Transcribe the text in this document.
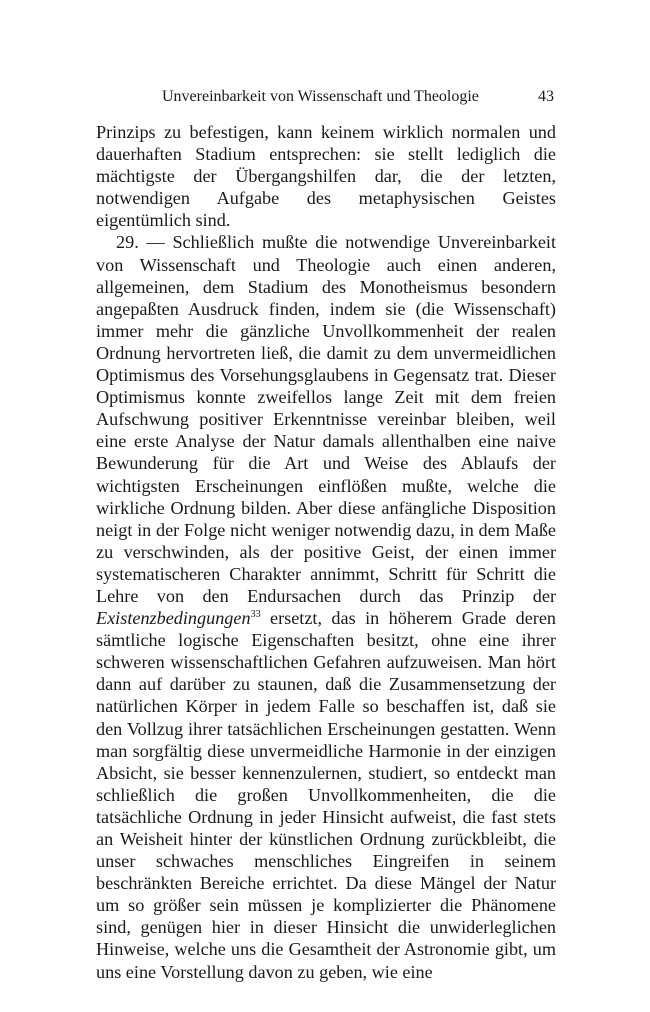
Unvereinbarkeit von Wissenschaft und Theologie	43

Prinzips zu befestigen, kann keinem wirklich normalen und dauerhaften Stadium entsprechen: sie stellt lediglich die mächtigste der Übergangshilfen dar, die der letzten, notwendigen Aufgabe des metaphysischen Geistes eigentümlich sind.

29. — Schließlich mußte die notwendige Unvereinbarkeit von Wissenschaft und Theologie auch einen anderen, allgemeinen, dem Stadium des Monotheismus besondern angepaßten Ausdruck finden, indem sie (die Wissenschaft) immer mehr die gänzliche Unvollkommenheit der realen Ordnung hervortreten ließ, die damit zu dem unvermeidlichen Optimismus des Vorsehungsglaubens in Gegensatz trat. Dieser Optimismus konnte zweifellos lange Zeit mit dem freien Aufschwung positiver Erkenntnisse vereinbar bleiben, weil eine erste Analyse der Natur damals allenthalben eine naive Bewunderung für die Art und Weise des Ablaufs der wichtigsten Erscheinungen einflößen mußte, welche die wirkliche Ordnung bilden. Aber diese anfängliche Disposition neigt in der Folge nicht weniger notwendig dazu, in dem Maße zu verschwinden, als der positive Geist, der einen immer systematischeren Charakter annimmt, Schritt für Schritt die Lehre von den Endursachen durch das Prinzip der Existenzbedingungen$^{33}$ ersetzt, das in höherem Grade deren sämtliche logische Eigenschaften besitzt, ohne eine ihrer schweren wissenschaftlichen Gefahren aufzuweisen. Man hört dann auf darüber zu staunen, daß die Zusammensetzung der natürlichen Körper in jedem Falle so beschaffen ist, daß sie den Vollzug ihrer tatsächlichen Erscheinungen gestatten. Wenn man sorgfältig diese unvermeidliche Harmonie in der einzigen Absicht, sie besser kennenzulernen, studiert, so entdeckt man schließlich die großen Unvollkommenheiten, die die tatsächliche Ordnung in jeder Hinsicht aufweist, die fast stets an Weisheit hinter der künstlichen Ordnung zurückbleibt, die unser schwaches menschliches Eingreifen in seinem beschränkten Bereiche errichtet. Da diese Mängel der Natur um so größer sein müssen je komplizierter die Phänomene sind, genügen hier in dieser Hinsicht die unwiderleglichen Hinweise, welche uns die Gesamtheit der Astronomie gibt, um uns eine Vorstellung davon zu geben, wie eine
